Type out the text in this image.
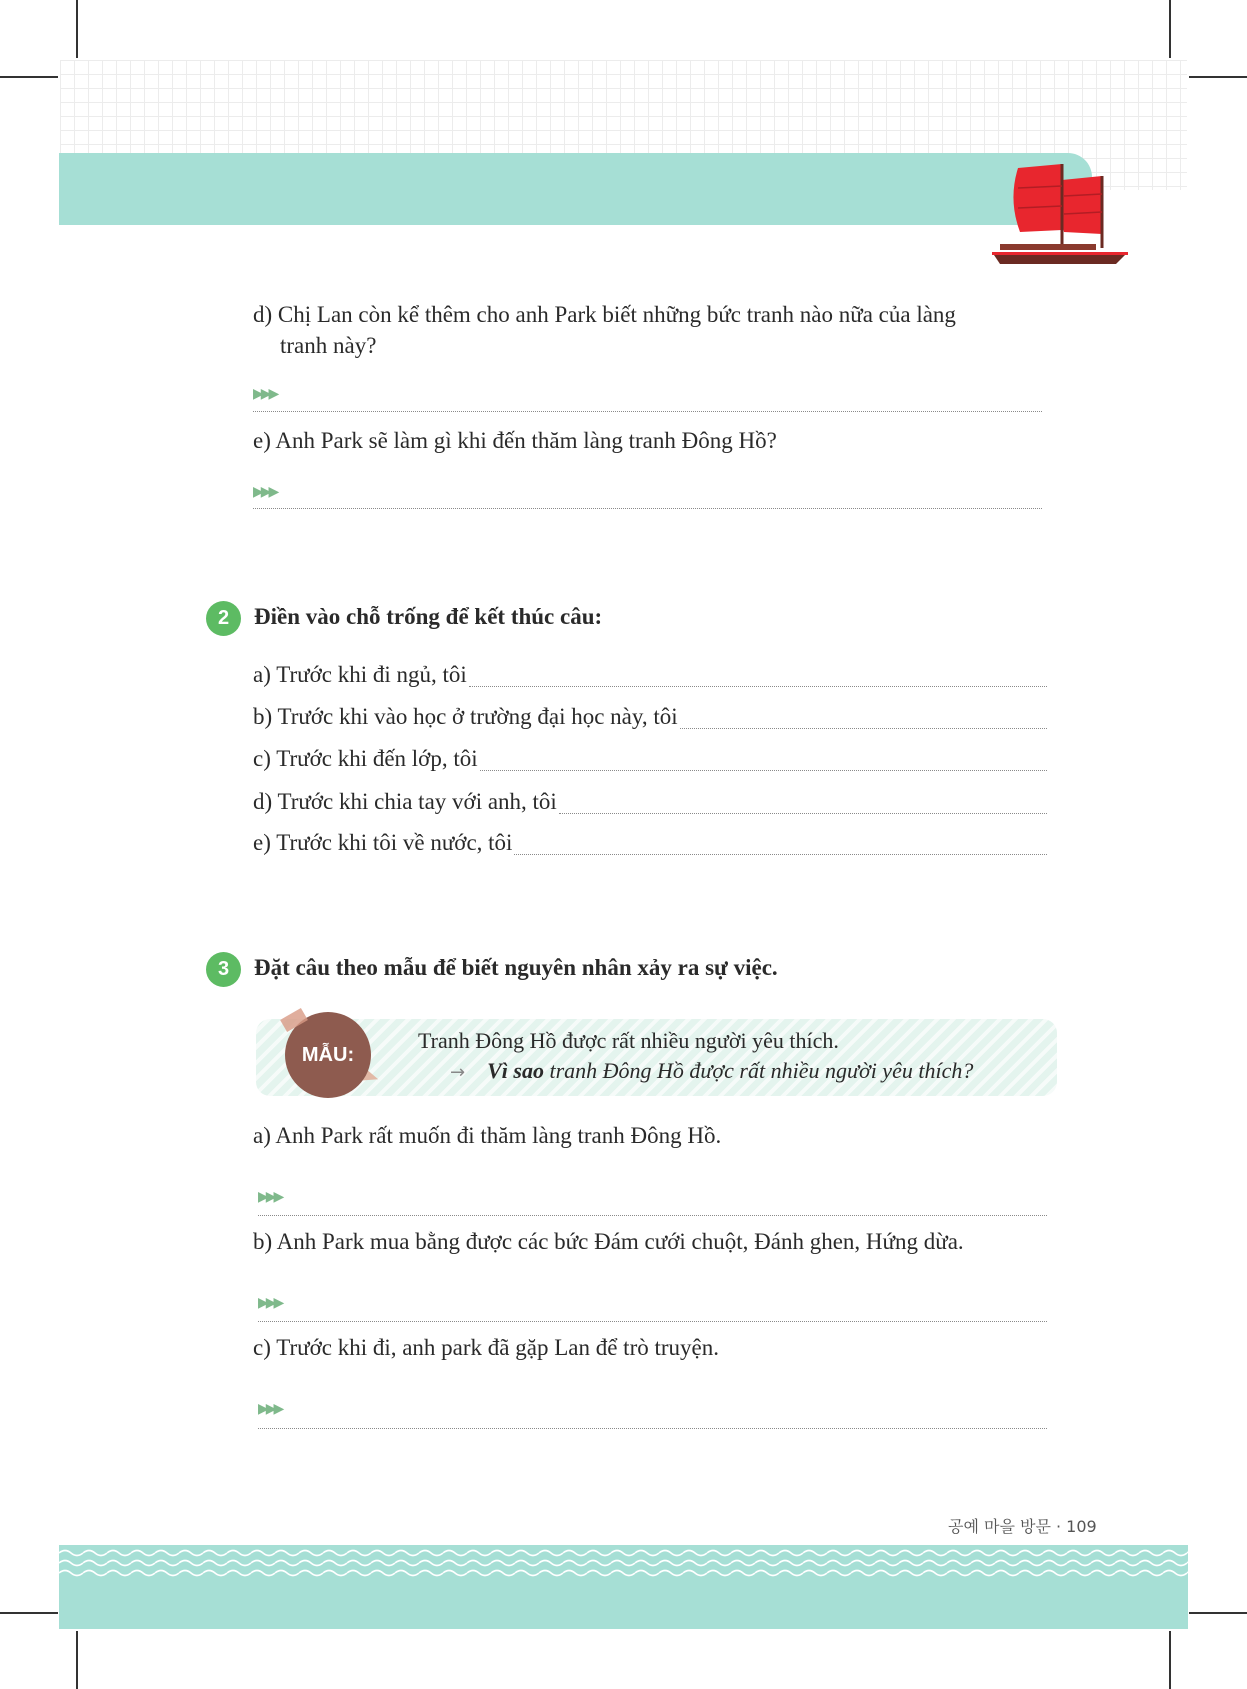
d) Chị Lan còn kể thêm cho anh Park biết những bức tranh nào nữa của làng
tranh này?
▶▶▶
e) Anh Park sẽ làm gì khi đến thăm làng tranh Đông Hồ?
▶▶▶
2	Điền vào chỗ trống để kết thúc câu:
a) Trước khi đi ngủ, tôi
b) Trước khi vào học ở trường đại học này, tôi
c) Trước khi đến lớp, tôi
d) Trước khi chia tay với anh, tôi
e) Trước khi tôi về nước, tôi
3	Đặt câu theo mẫu để biết nguyên nhân xảy ra sự việc.
MẪU:
Tranh Đông Hồ được rất nhiều người yêu thích.
→ Vì sao tranh Đông Hồ được rất nhiều người yêu thích?
a) Anh Park rất muốn đi thăm làng tranh Đông Hồ.
▶▶▶
b) Anh Park mua bằng được các bức Đám cưới chuột, Đánh ghen, Hứng dừa.
▶▶▶
c) Trước khi đi, anh park đã gặp Lan để trò truyện.
▶▶▶
공예 마을 방문 · 109
